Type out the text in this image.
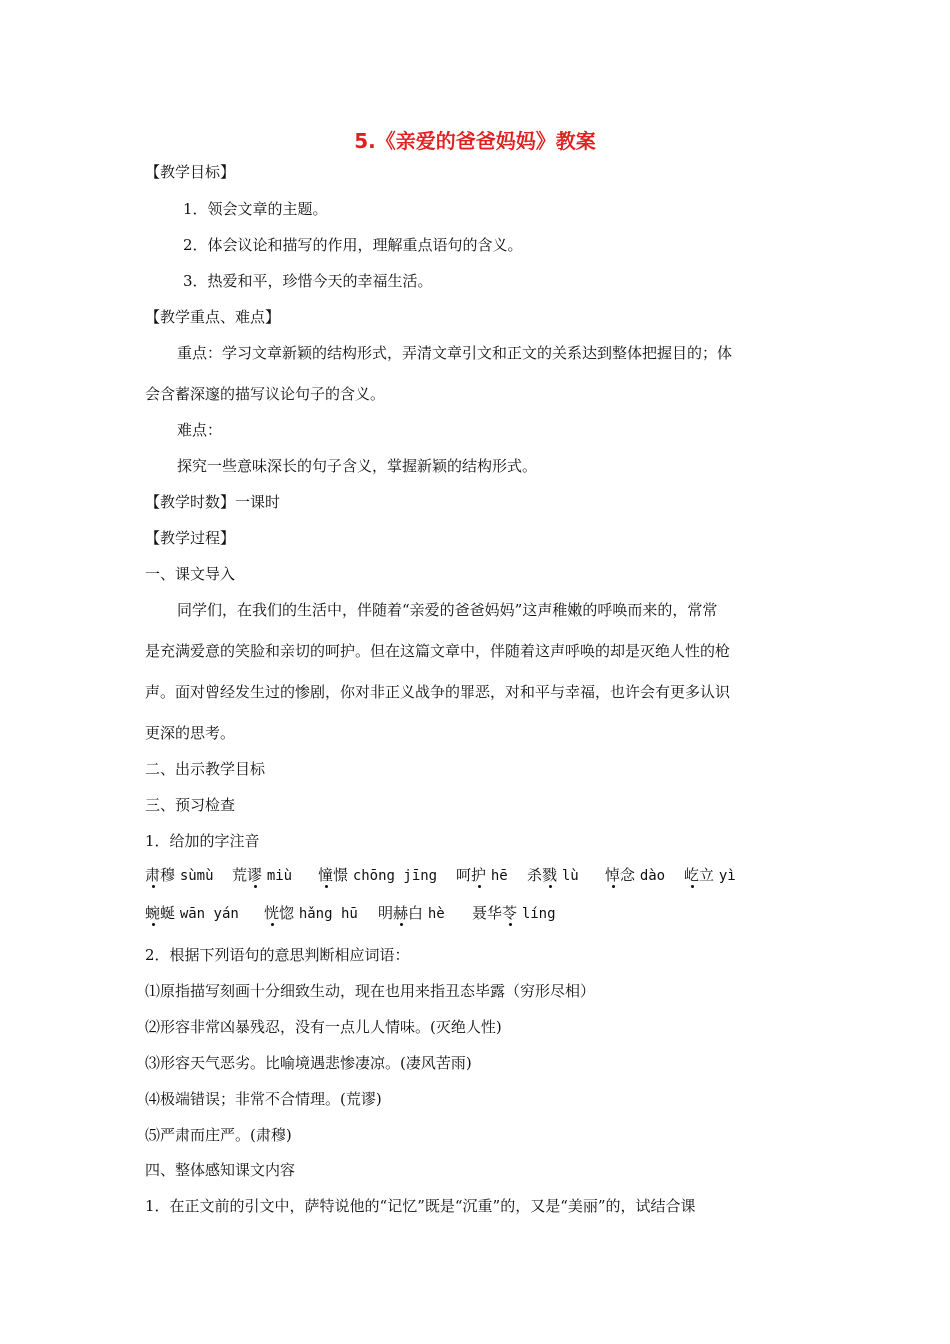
5.《亲爱的爸爸妈妈》教案
【教学目标】
1．领会文章的主题。
2．体会议论和描写的作用，理解重点语句的含义。
3．热爱和平，珍惜今天的幸福生活。
【教学重点、难点】
重点：学习文章新颖的结构形式，弄清文章引文和正文的关系达到整体把握目的；体
会含蓄深邃的描写议论句子的含义。
难点：
探究一些意味深长的句子含义，掌握新颖的结构形式。
【教学时数】一课时
【教学过程】
一、课文导入
同学们，在我们的生活中，伴随着“亲爱的爸爸妈妈”这声稚嫩的呼唤而来的，常常
是充满爱意的笑脸和亲切的呵护。但在这篇文章中，伴随着这声呼唤的却是灭绝人性的枪
声。面对曾经发生过的惨剧，你对非正义战争的罪恶，对和平与幸福，也许会有更多认识
更深的思考。
二、出示教学目标
三、预习检查
1．给加的字注音
肃穆 sùmù 荒谬 miù 憧憬 chōng jīng 呵护 hē 杀戮 lù 悼念 dào 屹立 yì
蜿蜒 wān yán 恍惚 hǎng hū 明赫白 hè 聂华苓 líng
2．根据下列语句的意思判断相应词语：
⑴原指描写刻画十分细致生动，现在也用来指丑态毕露（穷形尽相）
⑵形容非常凶暴残忍，没有一点儿人情味。(灭绝人性)
⑶形容天气恶劣。比喻境遇悲惨凄凉。(凄风苦雨)
⑷极端错误；非常不合情理。(荒谬)
⑸严肃而庄严。(肃穆)
四、整体感知课文内容
1．在正文前的引文中，萨特说他的“记忆”既是“沉重”的，又是“美丽”的，试结合课
